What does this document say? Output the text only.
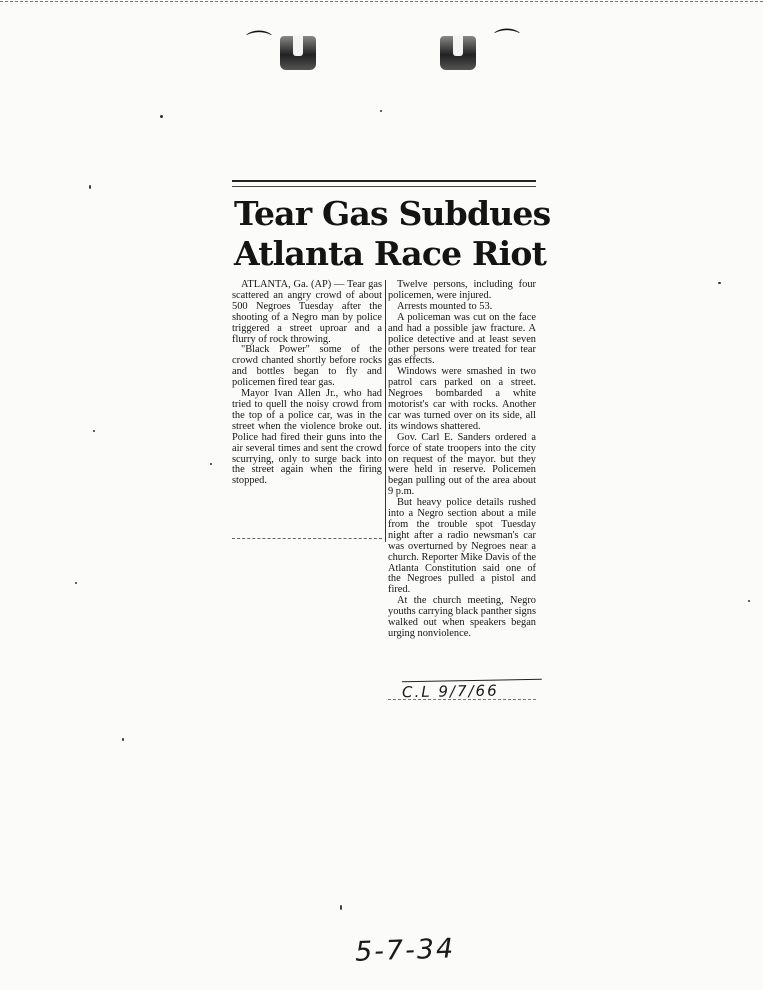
⌒	⌒
Tear Gas Subdues
Atlanta Race Riot

ATLANTA, Ga. (AP) — Tear gas scattered an angry crowd of about 500 Negroes Tuesday after the shooting of a Negro man by police triggered a street uproar and a flurry of rock throwing.

"Black Power" some of the crowd chanted shortly before rocks and bottles began to fly and policemen fired tear gas.

Mayor Ivan Allen Jr., who had tried to quell the noisy crowd from the top of a police car, was in the street when the violence broke out. Police had fired their guns into the air several times and sent the crowd scurrying, only to surge back into the street again when the firing stopped.

Twelve persons, including four policemen, were injured.

Arrests mounted to 53.

A policeman was cut on the face and had a possible jaw fracture. A police detective and at least seven other persons were treated for tear gas effects.

Windows were smashed in two patrol cars parked on a street. Negroes bombarded a white motorist's car with rocks. Another car was turned over on its side, all its windows shattered.

Gov. Carl E. Sanders ordered a force of state troopers into the city on request of the mayor. but they were held in reserve. Policemen began pulling out of the area about 9 p.m.

But heavy police details rushed into a Negro section about a mile from the trouble spot Tuesday night after a radio newsman's car was overturned by Negroes near a church. Reporter Mike Davis of the Atlanta Constitution said one of the Negroes pulled a pistol and fired.

At the church meeting, Negro youths carrying black panther signs walked out when speakers began urging nonviolence.

C.L 9/7/66
5-7-34
